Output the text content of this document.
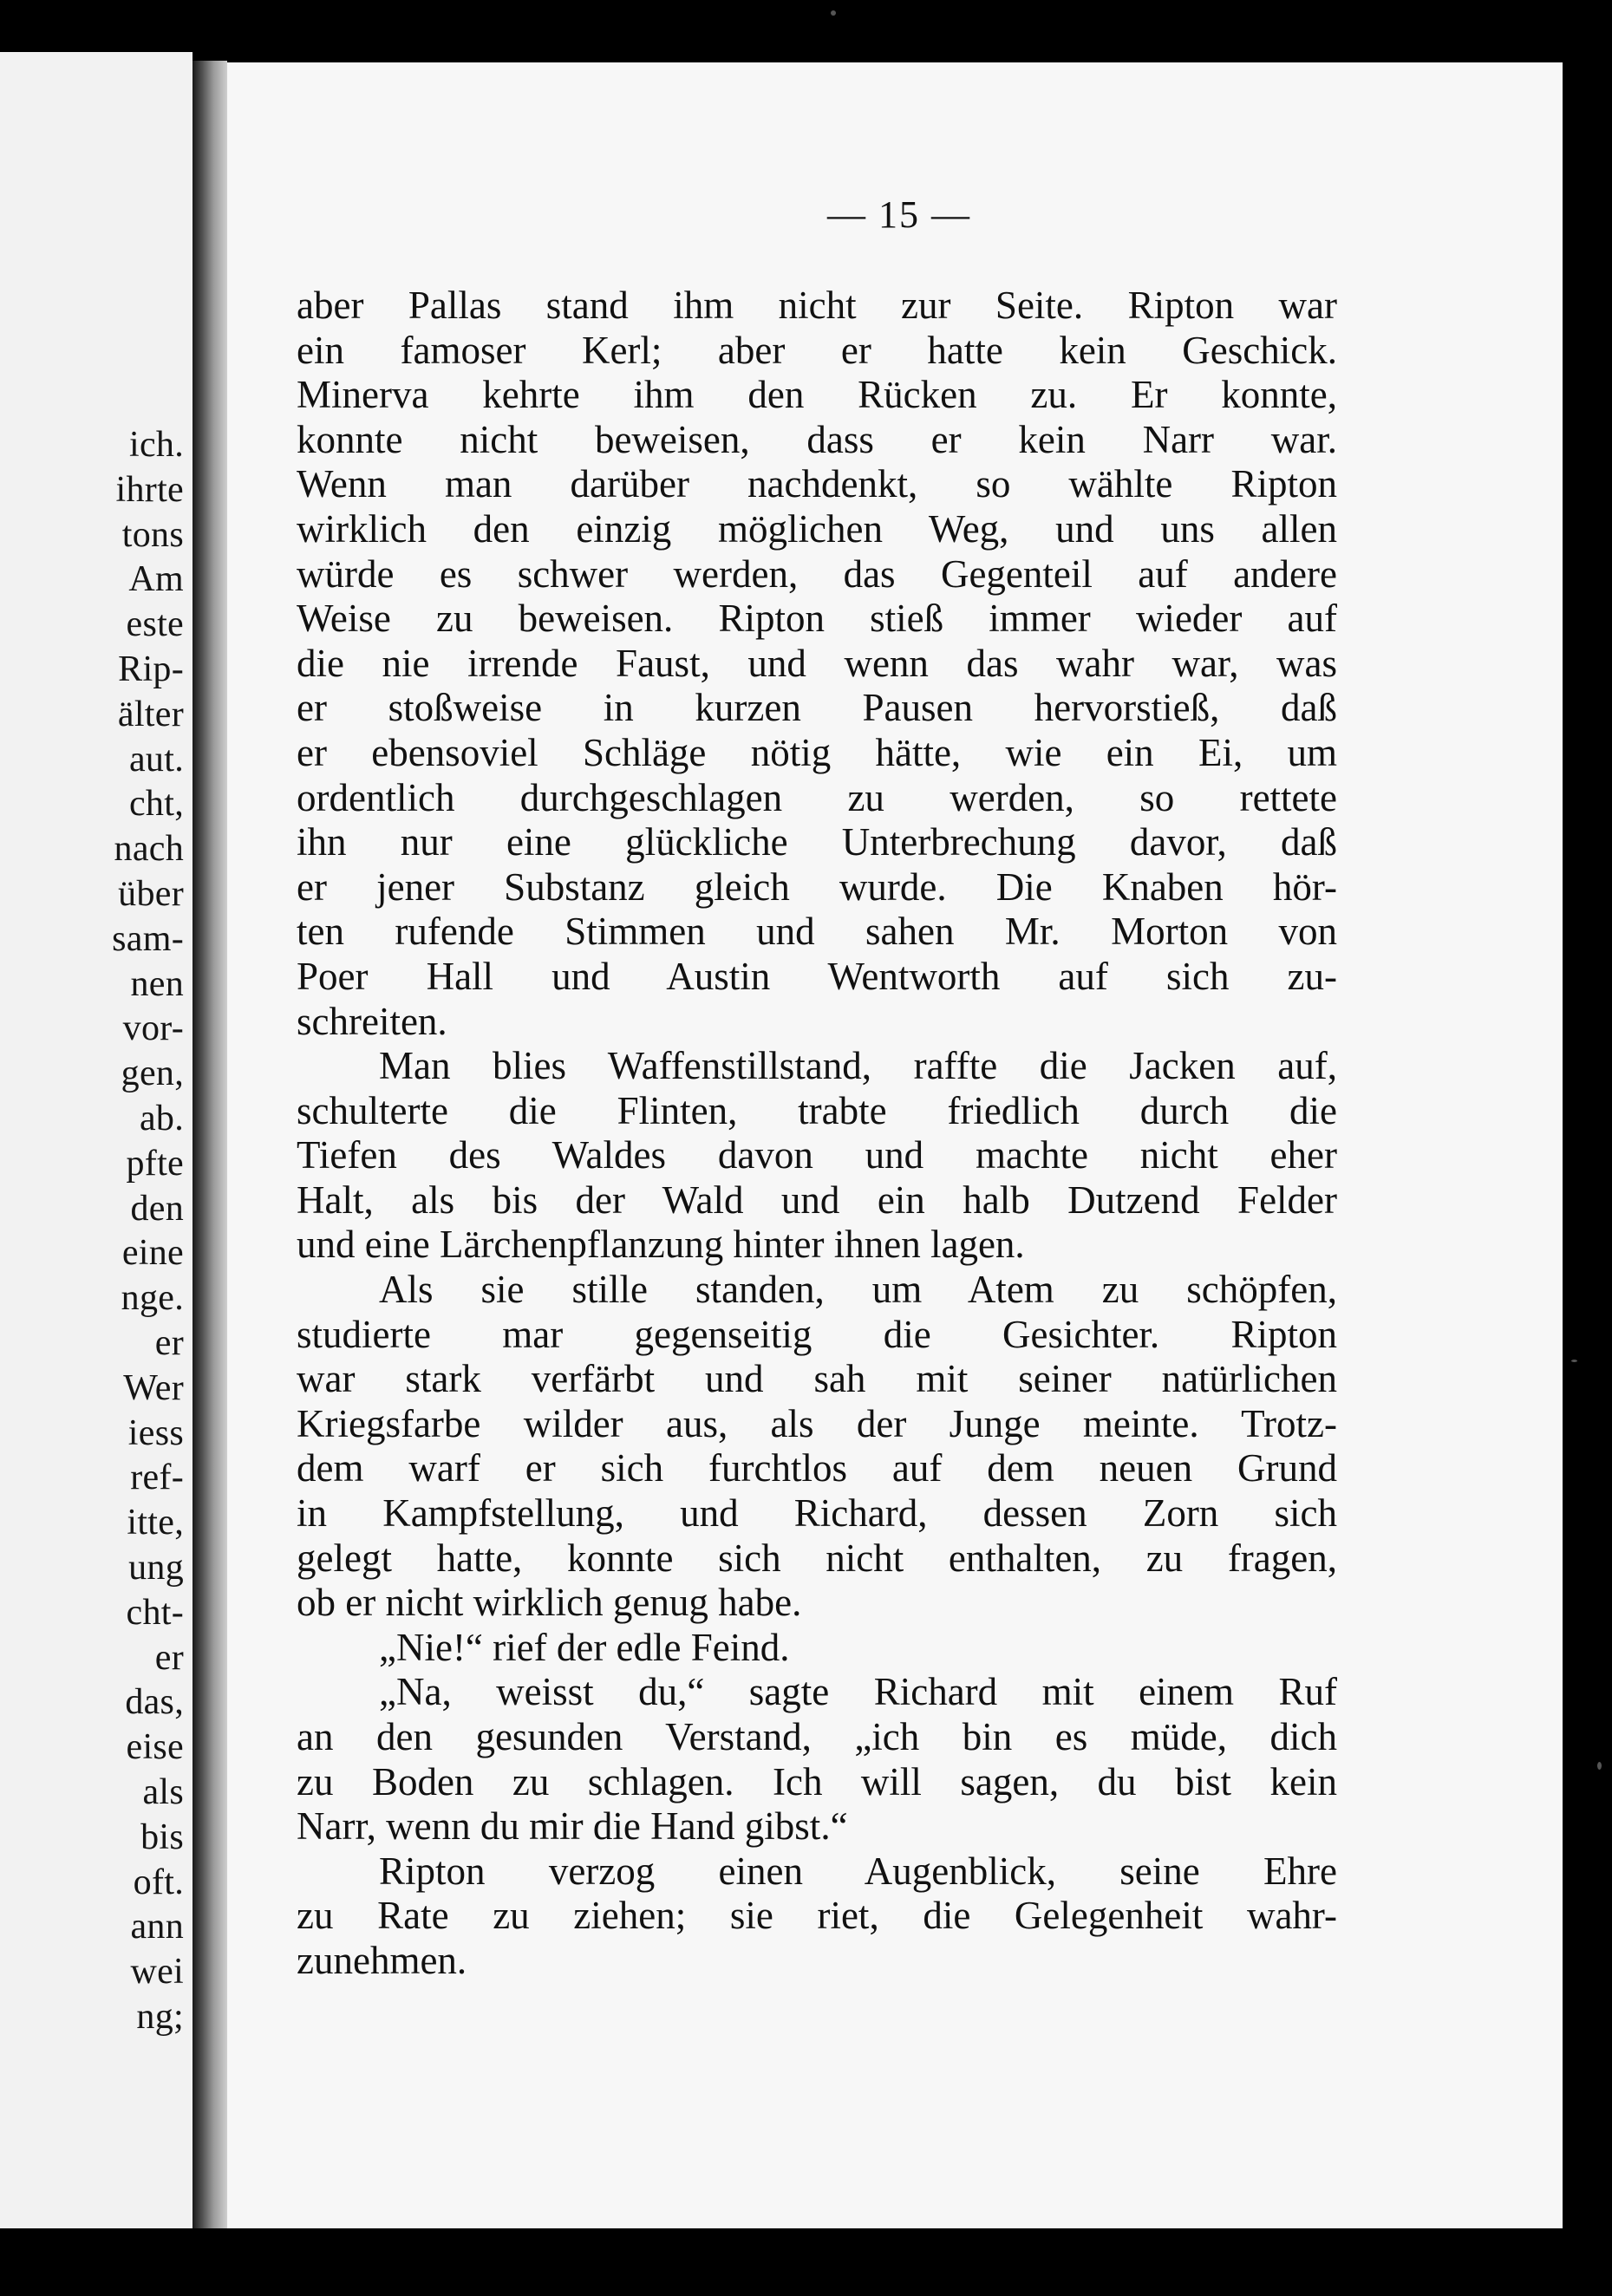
ich.
ihrte
tons
Am
este
Rip-
älter
aut.
cht,
nach
über
sam-
nen
vor-
gen,
ab.
pfte
den
eine
nge.
er
Wer
iess
ref-
itte,
ung
cht-
er
das,
eise
als
bis
oft.
ann
wei
ng;
— 15 —
aber Pallas stand ihm nicht zur Seite. Ripton war
ein famoser Kerl; aber er hatte kein Geschick.
Minerva kehrte ihm den Rücken zu. Er konnte,
konnte nicht beweisen, dass er kein Narr war.
Wenn man darüber nachdenkt, so wählte Ripton
wirklich den einzig möglichen Weg, und uns allen
würde es schwer werden, das Gegenteil auf andere
Weise zu beweisen. Ripton stieß immer wieder auf
die nie irrende Faust, und wenn das wahr war, was
er stoßweise in kurzen Pausen hervorstieß, daß
er ebensoviel Schläge nötig hätte, wie ein Ei, um
ordentlich durchgeschlagen zu werden, so rettete
ihn nur eine glückliche Unterbrechung davor, daß
er jener Substanz gleich wurde. Die Knaben hör-
ten rufende Stimmen und sahen Mr. Morton von
Poer Hall und Austin Wentworth auf sich zu-
schreiten.
Man blies Waffenstillstand, raffte die Jacken auf,
schulterte die Flinten, trabte friedlich durch die
Tiefen des Waldes davon und machte nicht eher
Halt, als bis der Wald und ein halb Dutzend Felder
und eine Lärchenpflanzung hinter ihnen lagen.
Als sie stille standen, um Atem zu schöpfen,
studierte mar gegenseitig die Gesichter. Ripton
war stark verfärbt und sah mit seiner natürlichen
Kriegsfarbe wilder aus, als der Junge meinte. Trotz-
dem warf er sich furchtlos auf dem neuen Grund
in Kampfstellung, und Richard, dessen Zorn sich
gelegt hatte, konnte sich nicht enthalten, zu fragen,
ob er nicht wirklich genug habe.
„Nie!“ rief der edle Feind.
„Na, weisst du,“ sagte Richard mit einem Ruf
an den gesunden Verstand, „ich bin es müde, dich
zu Boden zu schlagen. Ich will sagen, du bist kein
Narr, wenn du mir die Hand gibst.“
Ripton verzog einen Augenblick, seine Ehre
zu Rate zu ziehen; sie riet, die Gelegenheit wahr-
zunehmen.
